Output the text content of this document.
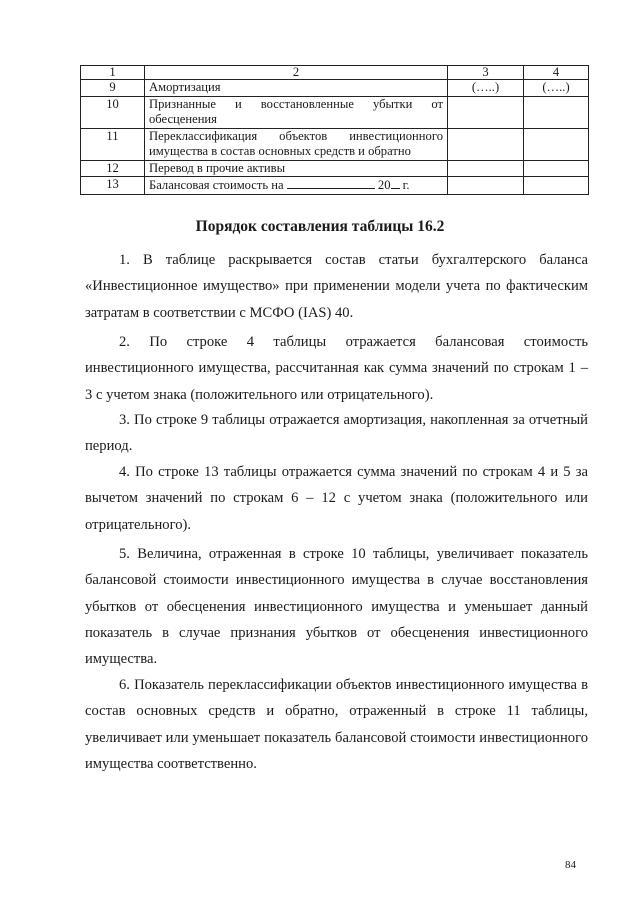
1	2	3	4
9	Амортизация	(…..)	(…..)
10	Признанные и восстановленные убытки от обесценения		
11	Переклассификация объектов инвестиционного имущества в состав основных средств и обратно		
12	Перевод в прочие активы		
13	Балансовая стоимость на 20 г.		
Порядок составления таблицы 16.2

1. В таблице раскрывается состав статьи бухгалтерского баланса «Инвестиционное имущество» при применении модели учета по фактическим затратам в соответствии с МСФО (IAS) 40.

2. По строке 4 таблицы отражается балансовая стоимость инвестиционного имущества, рассчитанная как сумма значений по строкам 1 – 3 с учетом знака (положительного или отрицательного).

3. По строке 9 таблицы отражается амортизация, накопленная за отчетный период.

4. По строке 13 таблицы отражается сумма значений по строкам 4 и 5 за вычетом значений по строкам 6 – 12 с учетом знака (положительного или отрицательного).

5. Величина, отраженная в строке 10 таблицы, увеличивает показатель балансовой стоимости инвестиционного имущества в случае восстановления убытков от обесценения инвестиционного имущества и уменьшает данный показатель в случае признания убытков от обесценения инвестиционного имущества.

6. Показатель переклассификации объектов инвестиционного имущества в состав основных средств и обратно, отраженный в строке 11 таблицы, увеличивает или уменьшает показатель балансовой стоимости инвестиционного имущества соответственно.

84
